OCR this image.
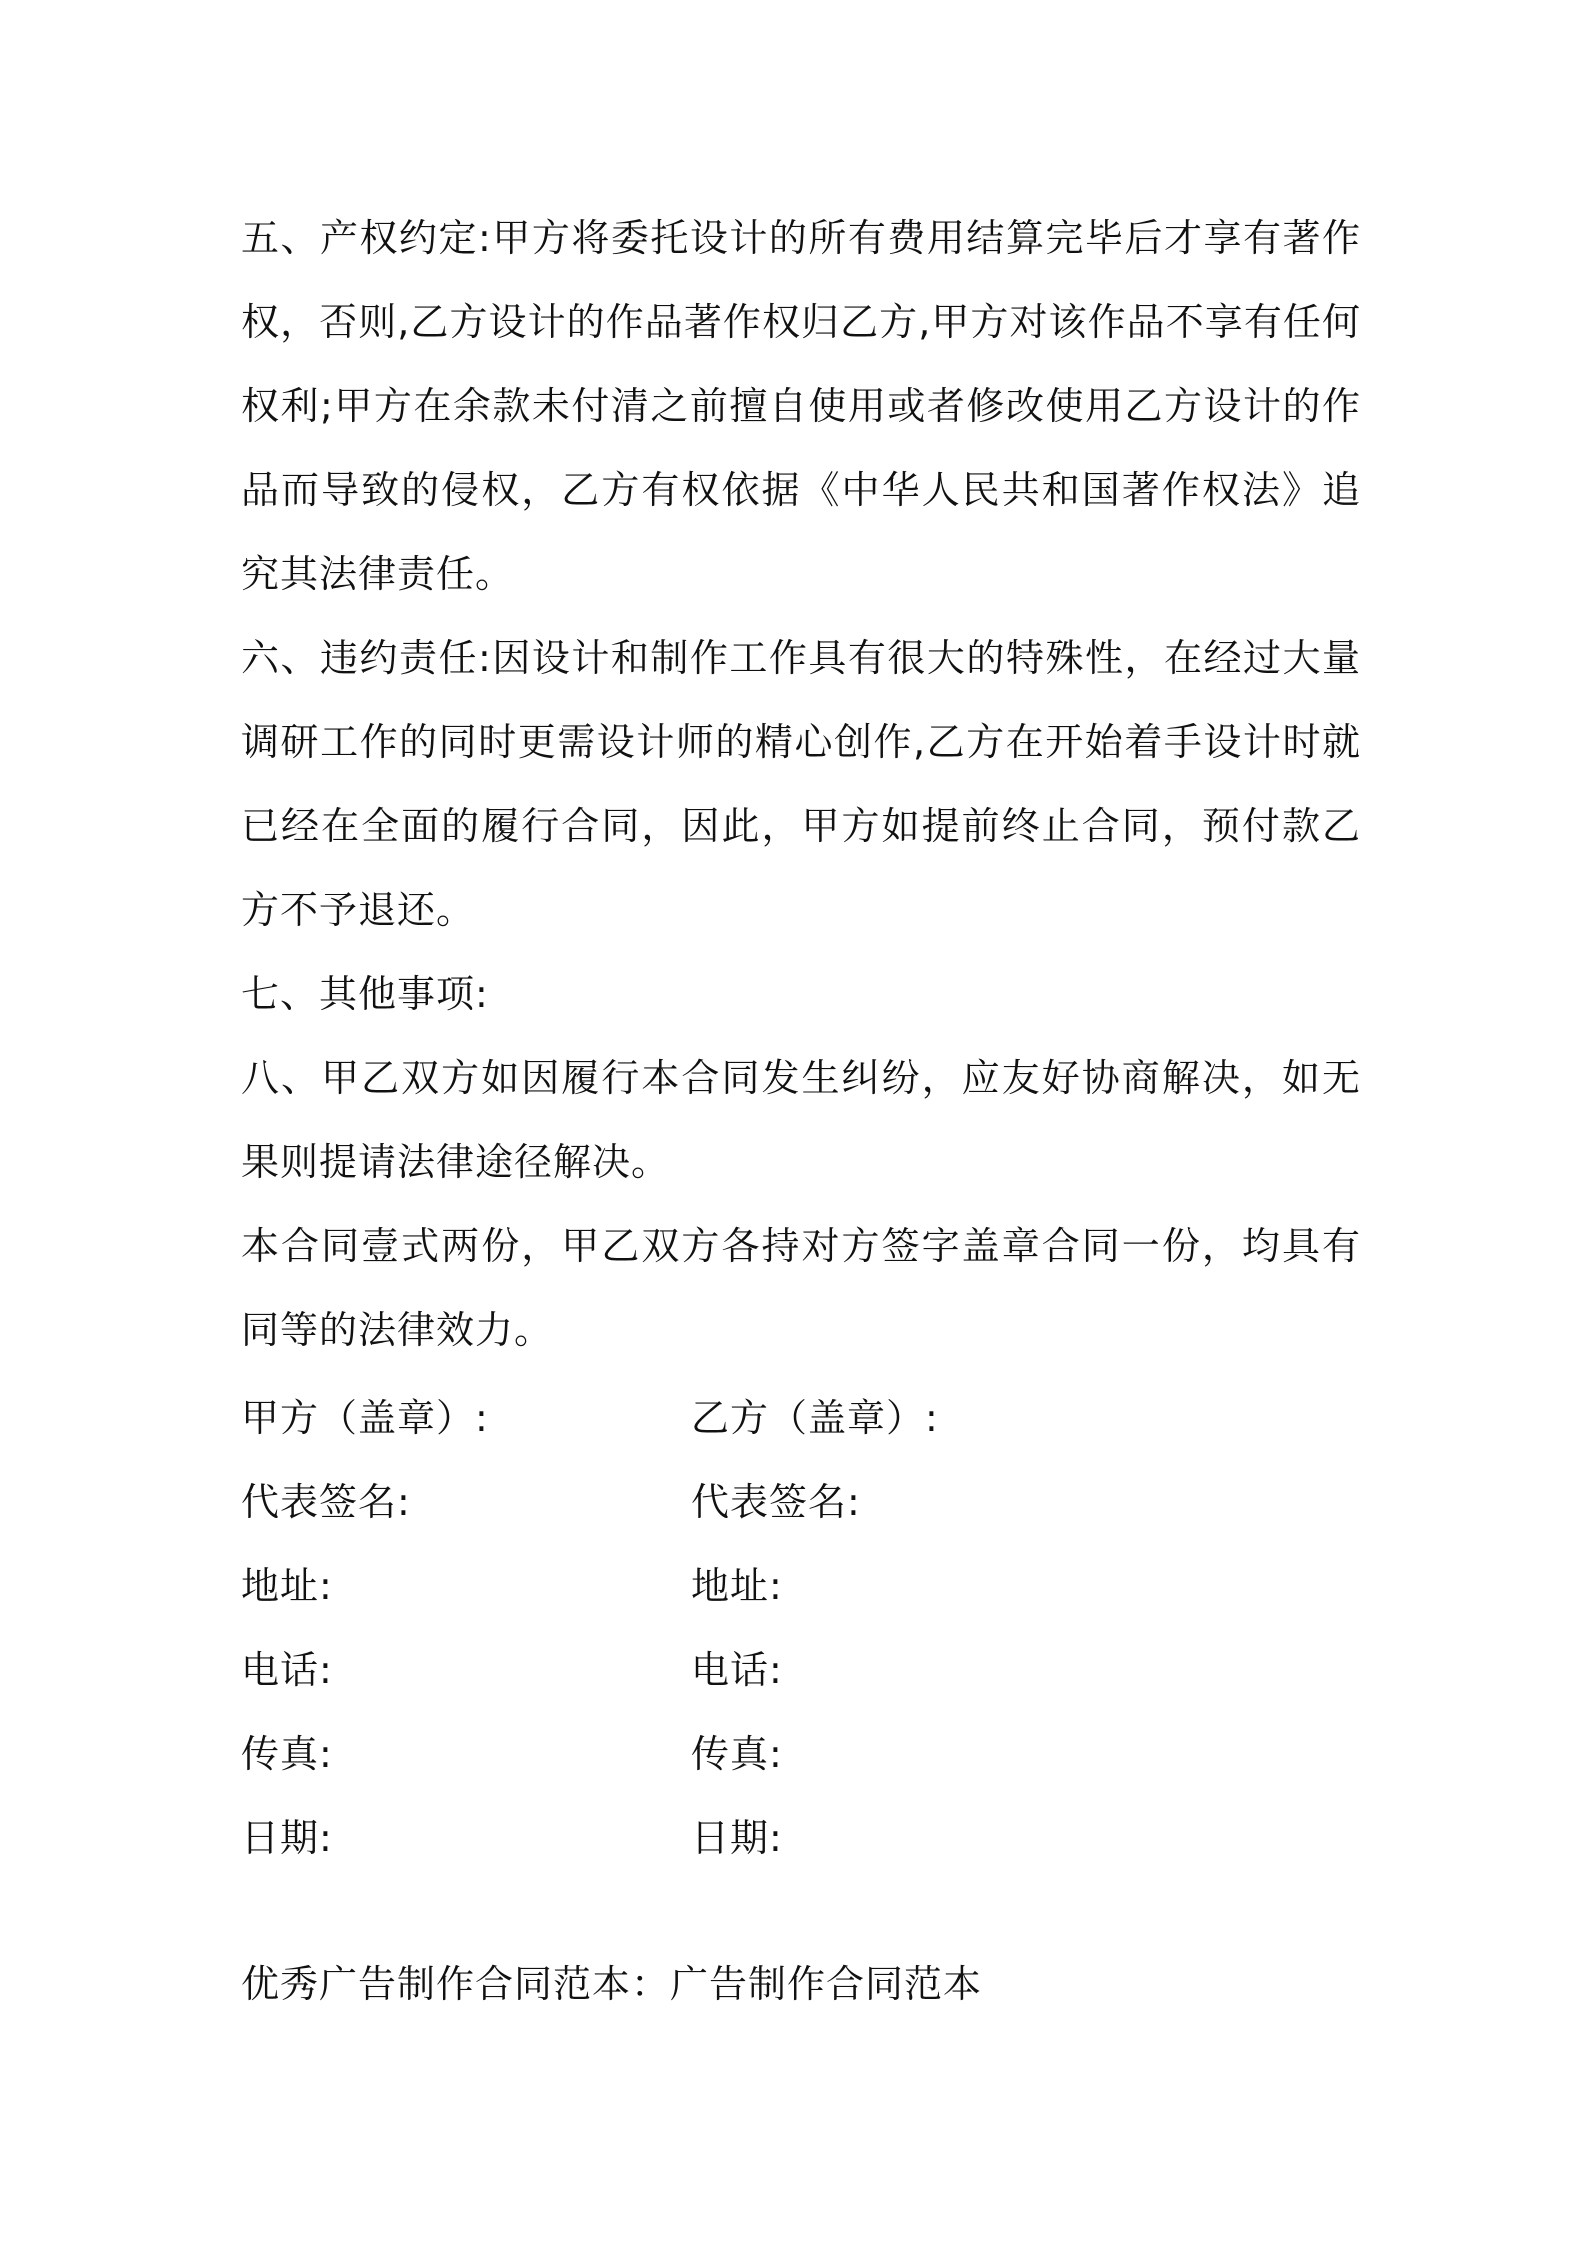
五、产权约定:甲方将委托设计的所有费用结算完毕后才享有著作权，否则,乙方设计的作品著作权归乙方,甲方对该作品不享有任何权利;甲方在余款未付清之前擅自使用或者修改使用乙方设计的作品而导致的侵权，乙方有权依据《中华人民共和国著作权法》追究其法律责任。

六、违约责任:因设计和制作工作具有很大的特殊性，在经过大量调研工作的同时更需设计师的精心创作,乙方在开始着手设计时就已经在全面的履行合同，因此，甲方如提前终止合同，预付款乙方不予退还。

七、其他事项:

八、甲乙双方如因履行本合同发生纠纷，应友好协商解决，如无果则提请法律途径解决。

本合同壹式两份，甲乙双方各持对方签字盖章合同一份，均具有同等的法律效力。

甲方（盖章）:	乙方（盖章）:
代表签名:	代表签名:
地址:	地址:
电话:	电话:
传真:	传真:
日期:	日期:
优秀广告制作合同范本：广告制作合同范本
